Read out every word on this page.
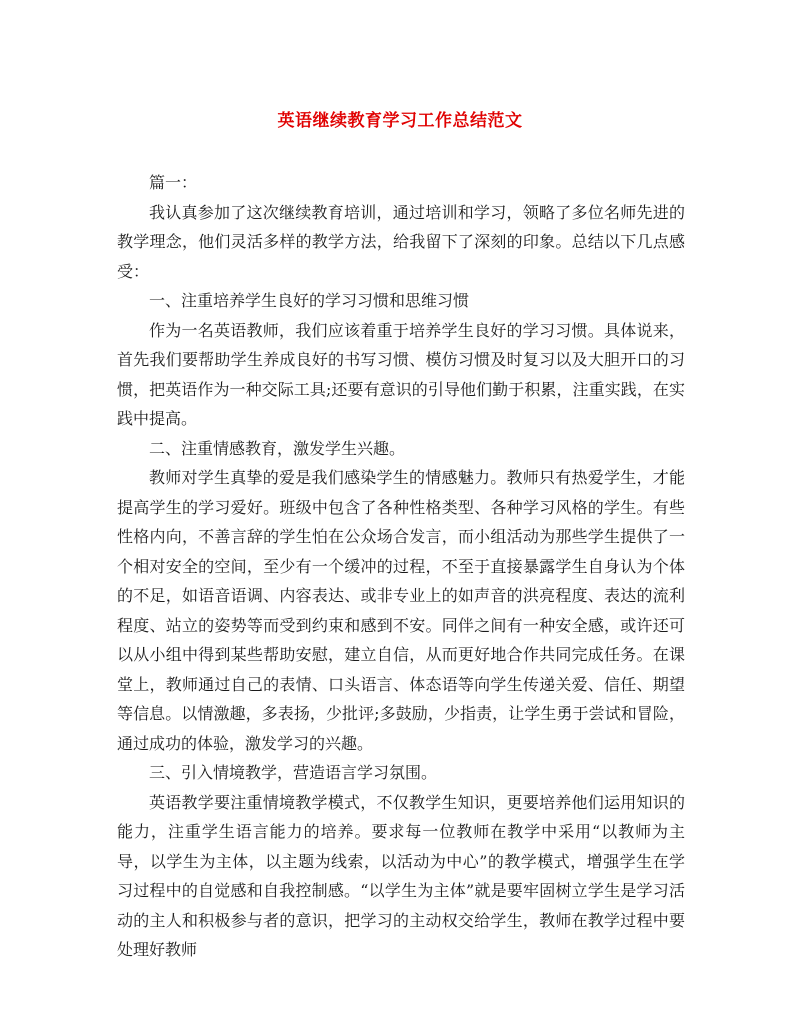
英语继续教育学习工作总结范文

篇一：

我认真参加了这次继续教育培训，通过培训和学习，领略了多位名师先进的教学理念，他们灵活多样的教学方法，给我留下了深刻的印象。总结以下几点感受：

一、注重培养学生良好的学习习惯和思维习惯

作为一名英语教师，我们应该着重于培养学生良好的学习习惯。具体说来，首先我们要帮助学生养成良好的书写习惯、模仿习惯及时复习以及大胆开口的习惯，把英语作为一种交际工具;还要有意识的引导他们勤于积累，注重实践，在实践中提高。

二、注重情感教育，激发学生兴趣。

教师对学生真挚的爱是我们感染学生的情感魅力。教师只有热爱学生，才能提高学生的学习爱好。班级中包含了各种性格类型、各种学习风格的学生。有些性格内向，不善言辞的学生怕在公众场合发言，而小组活动为那些学生提供了一个相对安全的空间，至少有一个缓冲的过程，不至于直接暴露学生自身认为个体的不足，如语音语调、内容表达、或非专业上的如声音的洪亮程度、表达的流利程度、站立的姿势等而受到约束和感到不安。同伴之间有一种安全感，或许还可以从小组中得到某些帮助安慰，建立自信，从而更好地合作共同完成任务。在课堂上，教师通过自己的表情、口头语言、体态语等向学生传递关爱、信任、期望等信息。以情激趣，多表扬，少批评;多鼓励，少指责，让学生勇于尝试和冒险，通过成功的体验，激发学习的兴趣。

三、引入情境教学，营造语言学习氛围。

英语教学要注重情境教学模式，不仅教学生知识，更要培养他们运用知识的能力，注重学生语言能力的培养。要求每一位教师在教学中采用“以教师为主导，以学生为主体，以主题为线索，以活动为中心”的教学模式，增强学生在学习过程中的自觉感和自我控制感。“以学生为主体”就是要牢固树立学生是学习活动的主人和积极参与者的意识，把学习的主动权交给学生，教师在教学过程中要处理好教师
